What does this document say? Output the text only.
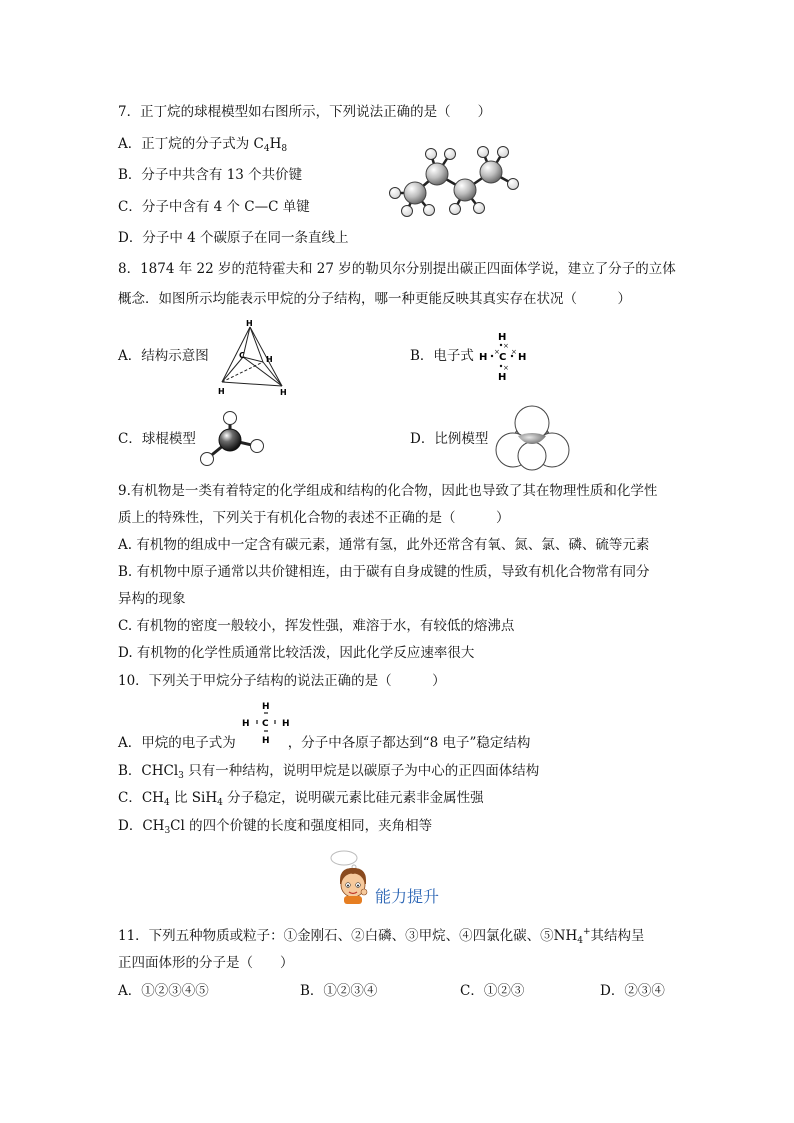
7．正丁烷的球棍模型如右图所示，下列说法正确的是（　　）
A．正丁烷的分子式为 $C_4H_8$
B．分子中共含有 13 个共价键
C．分子中含有 4 个 C—C 单键
D．分子中 4 个碳原子在同一条直线上
8．1874 年 22 岁的范特霍夫和 27 岁的勒贝尔分别提出碳正四面体学说，建立了分子的立体
概念．如图所示均能表示甲烷的分子结构，哪一种更能反映其真实存在状况（　　　）
A．结构示意图
H
C	H
H	H
B．电子式
H
H C H
H
×
× ×
×
C．球棍模型	D．比例模型
9.有机物是一类有着特定的化学组成和结构的化合物，因此也导致了其在物理性质和化学性
质上的特殊性，下列关于有机化合物的表述不正确的是（　　　）
A. 有机物的组成中一定含有碳元素，通常有氢，此外还常含有氧、氮、氯、磷、硫等元素
B. 有机物中原子通常以共价键相连，由于碳有自身成键的性质，导致有机化合物常有同分
异构的现象
C. 有机物的密度一般较小，挥发性强，难溶于水，有较低的熔沸点
D. 有机物的化学性质通常比较活泼，因此化学反应速率很大
10．下列关于甲烷分子结构的说法正确的是（　　　）
H
H C H
H
A．甲烷的电子式为	，分子中各原子都达到“8 电子”稳定结构
B．CHCl$_3$ 只有一种结构，说明甲烷是以碳原子为中心的正四面体结构
C．$CH_4$ 比 SiH$_4$ 分子稳定，说明碳元素比硅元素非金属性强
D．$CH_3Cl$ 的四个价键的长度和强度相同，夹角相等
能力提升
11．下列五种物质或粒子：①金刚石、②白磷、③甲烷、④四氯化碳、$⑤NH_4^+$其结构呈
正四面体形的分子是（　　）
A．①②③④⑤	B．①②③④	C．①②③	D．②③④
